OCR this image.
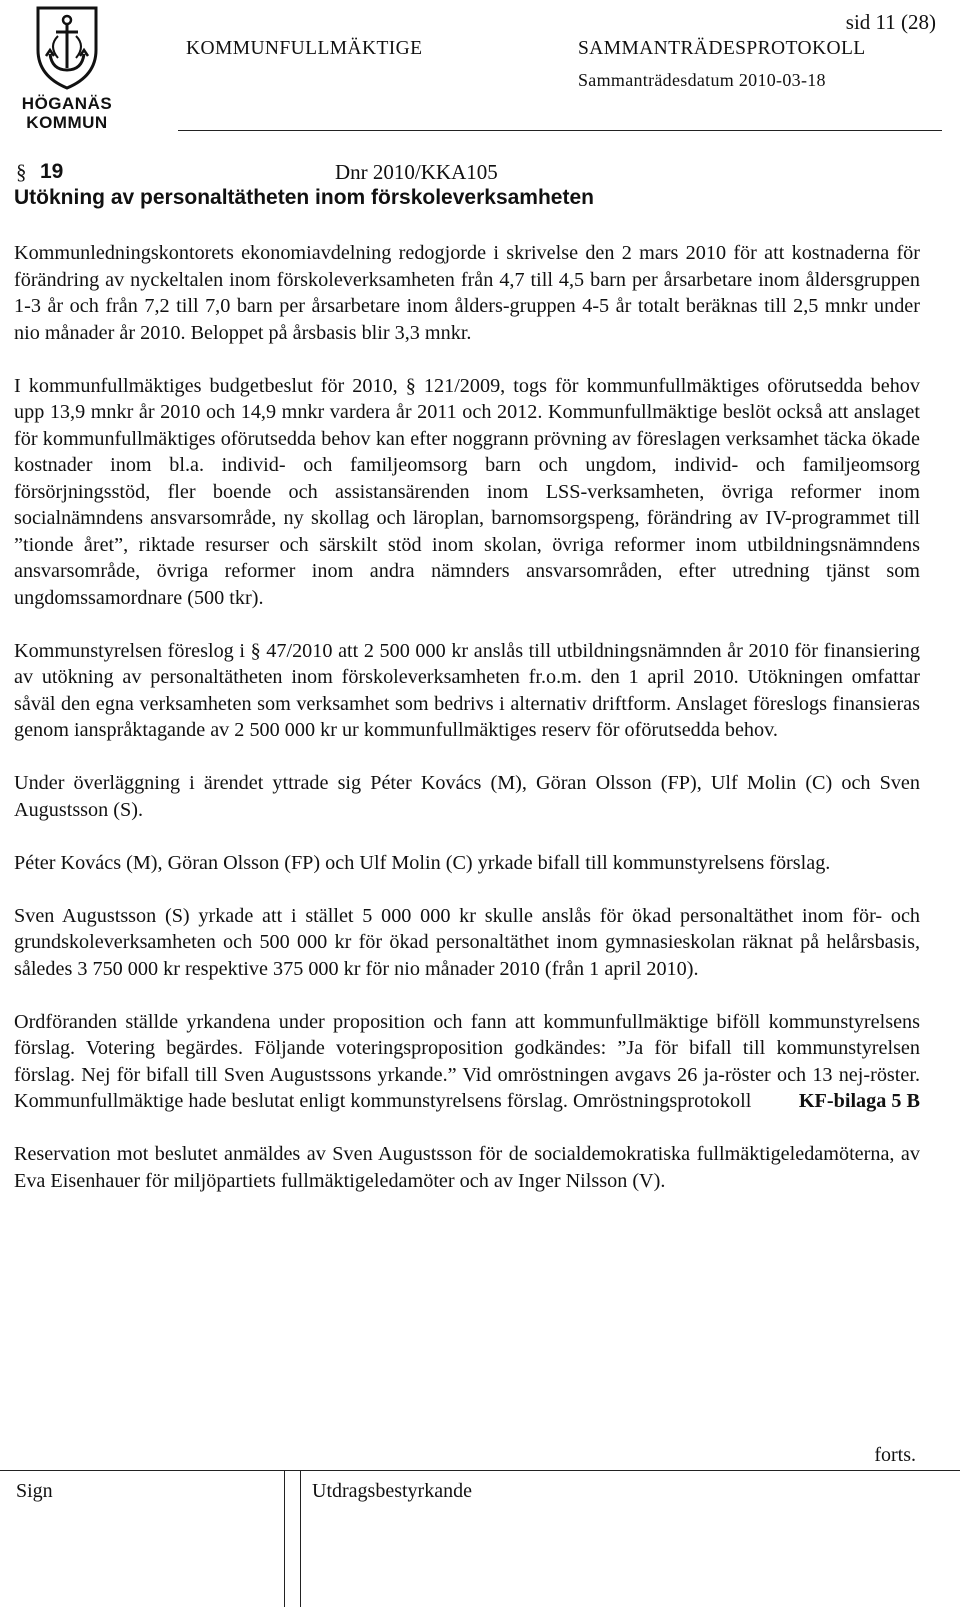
HÖGANÄS
KOMMUN
sid 11 (28)
KOMMUNFULLMÄKTIGE	SAMMANTRÄDESPROTOKOLL
Sammanträdesdatum 2010-03-18
§ 19	Dnr 2010/KKA105
Utökning av personaltätheten inom förskoleverksamheten

Kommunledningskontorets ekonomiavdelning redogjorde i skrivelse den 2 mars 2010 för att kostnaderna för förändring av nyckeltalen inom förskoleverksamheten från 4,7 till 4,5 barn per årsarbetare inom åldersgruppen 1-3 år och från 7,2 till 7,0 barn per årsarbetare inom ålders-gruppen 4-5 år totalt beräknas till 2,5 mnkr under nio månader år 2010. Beloppet på årsbasis blir 3,3 mnkr.

I kommunfullmäktiges budgetbeslut för 2010, § 121/2009, togs för kommunfullmäktiges oförutsedda behov upp 13,9 mnkr år 2010 och 14,9 mnkr vardera år 2011 och 2012. Kommunfullmäktige beslöt också att anslaget för kommunfullmäktiges oförutsedda behov kan efter noggrann prövning av föreslagen verksamhet täcka ökade kostnader inom bl.a. individ- och familjeomsorg barn och ungdom, individ- och familjeomsorg försörjningsstöd, fler boende och assistansärenden inom LSS-verksamheten, övriga reformer inom socialnämndens ansvarsområde, ny skollag och läroplan, barnomsorgspeng, förändring av IV-programmet till ”tionde året”, riktade resurser och särskilt stöd inom skolan, övriga reformer inom utbildningsnämndens ansvarsområde, övriga reformer inom andra nämnders ansvarsområden, efter utredning tjänst som ungdomssamordnare (500 tkr).

Kommunstyrelsen föreslog i § 47/2010 att 2 500 000 kr anslås till utbildningsnämnden år 2010 för finansiering av utökning av personaltätheten inom förskoleverksamheten fr.o.m. den 1 april 2010. Utökningen omfattar såväl den egna verksamheten som verksamhet som bedrivs i alternativ driftform. Anslaget föreslogs finansieras genom ianspråktagande av 2 500 000 kr ur kommunfullmäktiges reserv för oförutsedda behov.

Under överläggning i ärendet yttrade sig Péter Kovács (M), Göran Olsson (FP), Ulf Molin (C) och Sven Augustsson (S).

Péter Kovács (M), Göran Olsson (FP) och Ulf Molin (C) yrkade bifall till kommunstyrelsens förslag.

Sven Augustsson (S) yrkade att i stället 5 000 000 kr skulle anslås för ökad personaltäthet inom för- och grundskoleverksamheten och 500 000 kr för ökad personaltäthet inom gymnasieskolan räknat på helårsbasis, således 3 750 000 kr respektive 375 000 kr för nio månader 2010 (från 1 april 2010).

Ordföranden ställde yrkandena under proposition och fann att kommunfullmäktige biföll kommunstyrelsens förslag. Votering begärdes. Följande voteringsproposition godkändes: ”Ja för bifall till kommunstyrelsen förslag. Nej för bifall till Sven Augustssons yrkande.” Vid omröstningen avgavs 26 ja-röster och 13 nej-röster. Kommunfullmäktige hade beslutat enligt kommunstyrelsens förslag. Omröstningsprotokoll KF-bilaga 5 B

Reservation mot beslutet anmäldes av Sven Augustsson för de socialdemokratiska fullmäktigeledamöterna, av Eva Eisenhauer för miljöpartiets fullmäktigeledamöter och av Inger Nilsson (V).

forts.
Sign	Utdragsbestyrkande
